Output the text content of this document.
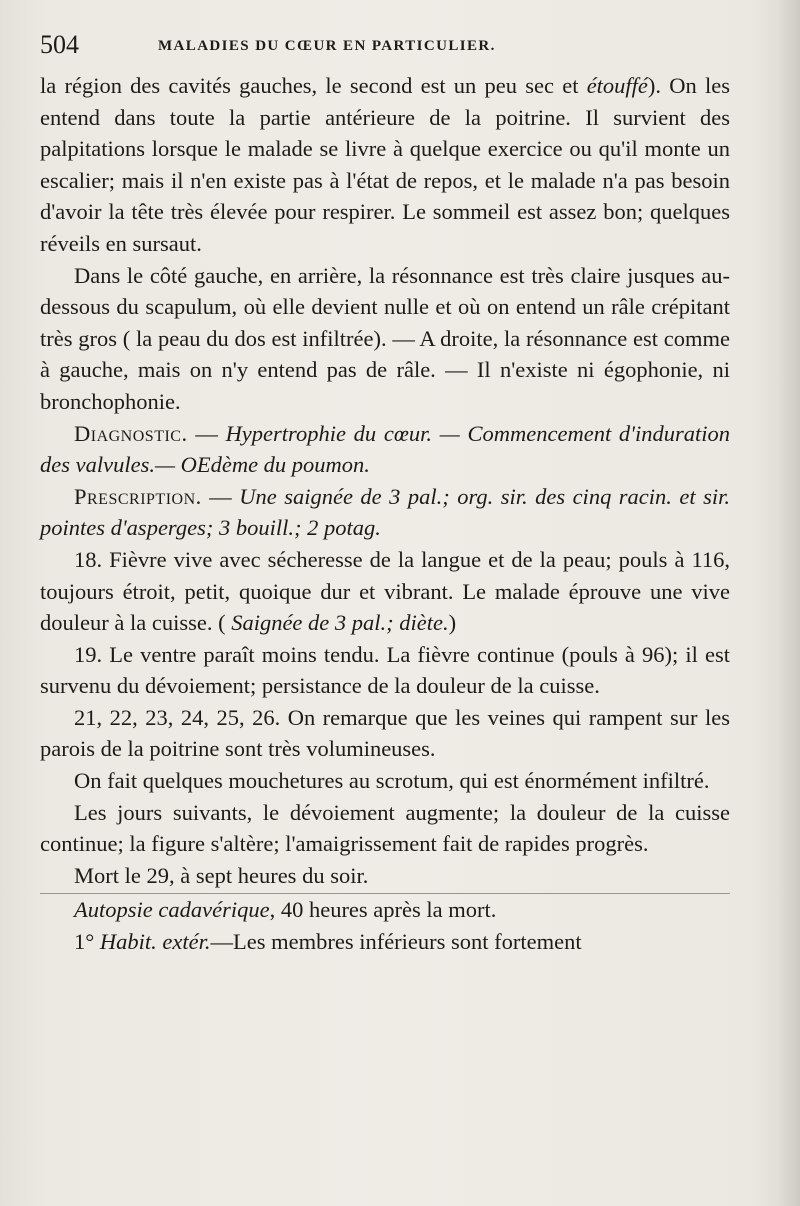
504	MALADIES DU CŒUR EN PARTICULIER.

la région des cavités gauches, le second est un peu sec et étouffé). On les entend dans toute la partie antérieure de la poitrine. Il survient des palpitations lorsque le malade se livre à quelque exercice ou qu'il monte un escalier; mais il n'en existe pas à l'état de repos, et le malade n'a pas besoin d'avoir la tête très élevée pour respirer. Le sommeil est assez bon; quelques réveils en sursaut.

Dans le côté gauche, en arrière, la résonnance est très claire jusques au-dessous du scapulum, où elle devient nulle et où on entend un râle crépitant très gros ( la peau du dos est infiltrée). — A droite, la résonnance est comme à gauche, mais on n'y entend pas de râle. — Il n'existe ni égophonie, ni bronchophonie.

Diagnostic. — Hypertrophie du cœur. — Commencement d'induration des valvules.— OEdème du poumon.

Prescription. — Une saignée de 3 pal.; org. sir. des cinq racin. et sir. pointes d'asperges; 3 bouill.; 2 potag.

18. Fièvre vive avec sécheresse de la langue et de la peau; pouls à 116, toujours étroit, petit, quoique dur et vibrant. Le malade éprouve une vive douleur à la cuisse. ( Saignée de 3 pal.; diète.)

19. Le ventre paraît moins tendu. La fièvre continue (pouls à 96); il est survenu du dévoiement; persistance de la douleur de la cuisse.

21, 22, 23, 24, 25, 26. On remarque que les veines qui rampent sur les parois de la poitrine sont très volumineuses.

On fait quelques mouchetures au scrotum, qui est énormément infiltré.

Les jours suivants, le dévoiement augmente; la douleur de la cuisse continue; la figure s'altère; l'amaigrissement fait de rapides progrès.

Mort le 29, à sept heures du soir.

Autopsie cadavérique, 40 heures après la mort.

1° Habit. extér.—Les membres inférieurs sont fortement
